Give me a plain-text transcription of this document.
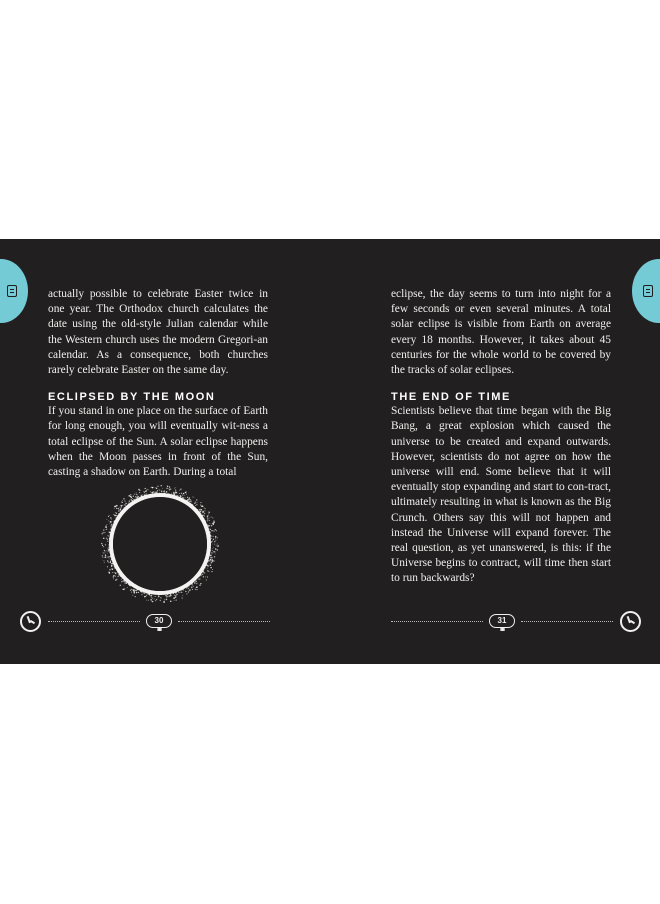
actually possible to celebrate Easter twice in one year. The Orthodox church calculates the date using the old-style Julian calendar while the Western church uses the modern Gregori-an calendar. As a consequence, both churches rarely celebrate Easter on the same day.

ECLIPSED BY THE MOON

If you stand in one place on the surface of Earth for long enough, you will eventually wit-ness a total eclipse of the Sun. A solar eclipse happens when the Moon passes in front of the Sun, casting a shadow on Earth. During a total

eclipse, the day seems to turn into night for a few seconds or even several minutes. A total solar eclipse is visible from Earth on average every 18 months. However, it takes about 45 centuries for the whole world to be covered by the tracks of solar eclipses.

THE END OF TIME

Scientists believe that time began with the Big Bang, a great explosion which caused the universe to be created and expand outwards. However, scientists do not agree on how the universe will end. Some believe that it will eventually stop expanding and start to con-tract, ultimately resulting in what is known as the Big Crunch. Others say this will not happen and instead the Universe will expand forever. The real question, as yet unanswered, is this: if the Universe begins to contract, will time then start to run backwards?

30 ıııııı	31 ıııııı
